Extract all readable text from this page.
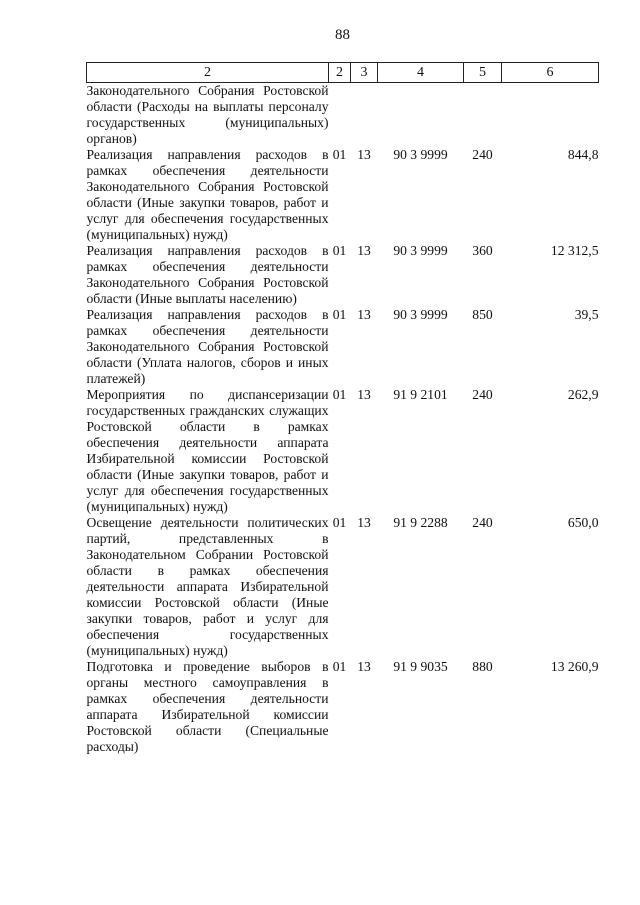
88
2	2	3	4	5	6
Законодательного Собрания Ростовской области (Расходы на выплаты персоналу государственных (муниципальных) органов)					
Реализация направления расходов в рамках обеспечения деятельности Законодательного Собрания Ростовской области (Иные закупки товаров, работ и услуг для обеспечения государственных (муниципальных) нужд)	01	13	90 3 9999	240	844,8
Реализация направления расходов в рамках обеспечения деятельности Законодательного Собрания Ростовской области (Иные выплаты населению)	01	13	90 3 9999	360	12 312,5
Реализация направления расходов в рамках обеспечения деятельности Законодательного Собрания Ростовской области (Уплата налогов, сборов и иных платежей)	01	13	90 3 9999	850	39,5
Мероприятия по диспансеризации государственных гражданских служащих Ростовской области в рамках обеспечения деятельности аппарата Избирательной комиссии Ростовской области (Иные закупки товаров, работ и услуг для обеспечения государственных (муниципальных) нужд)	01	13	91 9 2101	240	262,9
Освещение деятельности политических партий, представленных в Законодательном Собрании Ростовской области в рамках обеспечения деятельности аппарата Избирательной комиссии Ростовской области (Иные закупки товаров, работ и услуг для обеспечения государственных (муниципальных) нужд)	01	13	91 9 2288	240	650,0
Подготовка и проведение выборов в органы местного самоуправления в рамках обеспечения деятельности аппарата Избирательной комиссии Ростовской области (Специальные расходы)	01	13	91 9 9035	880	13 260,9
